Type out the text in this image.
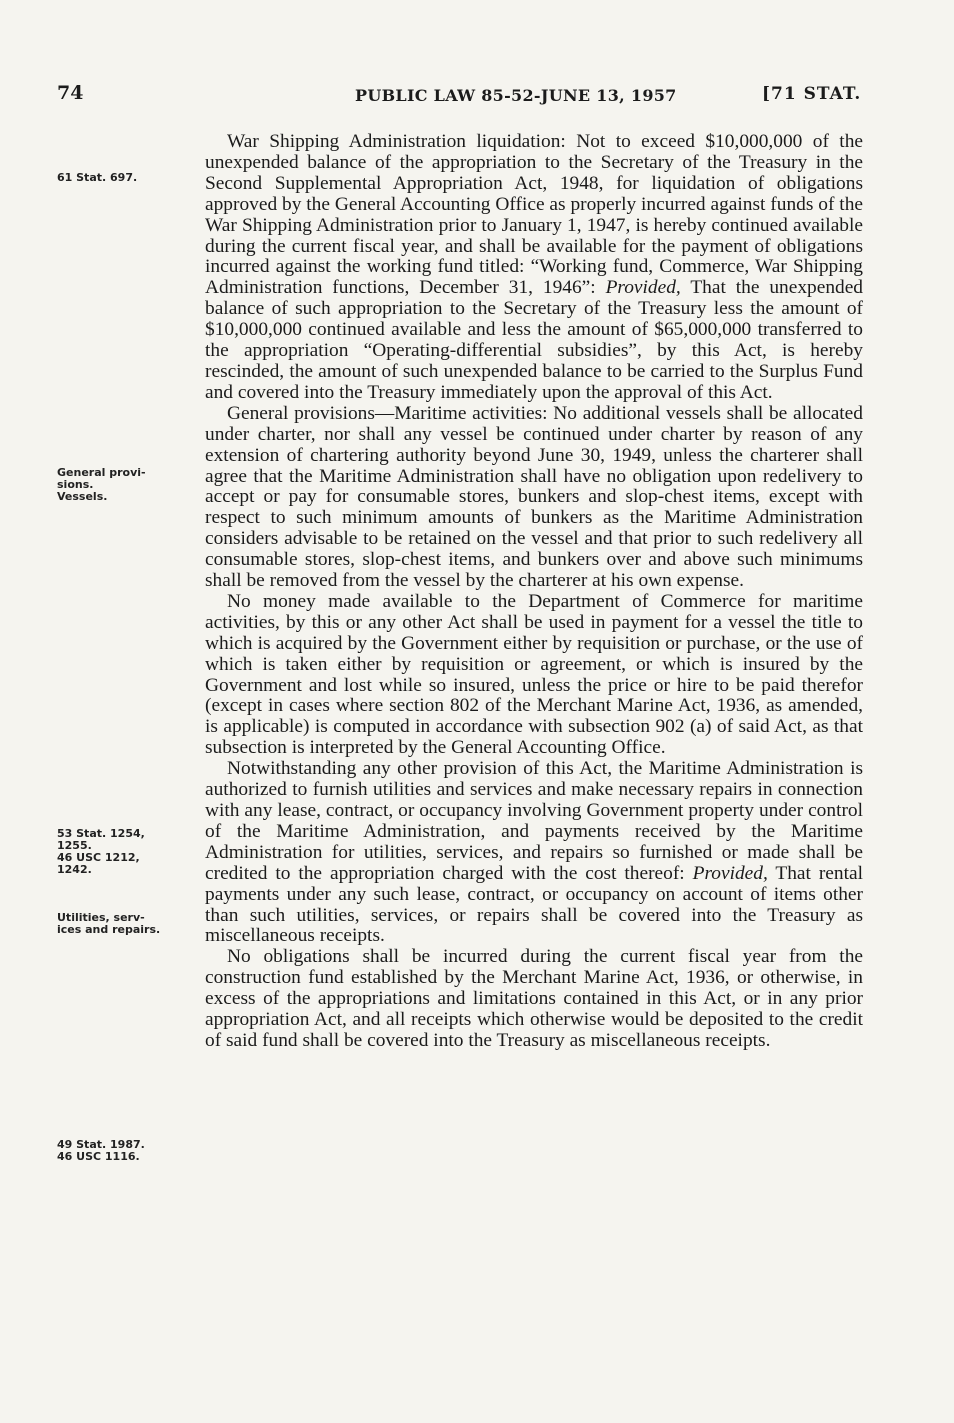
74	PUBLIC LAW 85-52-JUNE 13, 1957	[71 STAT.
61 Stat. 697.
General provi-
sions.
Vessels.
53 Stat. 1254,
1255.
46 USC 1212,
1242.
Utilities, serv-
ices and repairs.
49 Stat. 1987.
46 USC 1116.

War Shipping Administration liquidation: Not to exceed $10,000,000 of the unexpended balance of the appropriation to the Secretary of the Treasury in the Second Supplemental Appropriation Act, 1948, for liquidation of obligations approved by the General Accounting Office as properly incurred against funds of the War Shipping Administration prior to January 1, 1947, is hereby continued available during the current fiscal year, and shall be available for the payment of obligations incurred against the working fund titled: “Working fund, Commerce, War Shipping Administration functions, December 31, 1946”: Provided, That the unexpended balance of such appropriation to the Secretary of the Treasury less the amount of $10,000,000 continued available and less the amount of $65,000,000 transferred to the appropriation “Operating-differential subsidies”, by this Act, is hereby rescinded, the amount of such unexpended balance to be carried to the Surplus Fund and covered into the Treasury immediately upon the approval of this Act.

General provisions—Maritime activities: No additional vessels shall be allocated under charter, nor shall any vessel be continued under charter by reason of any extension of chartering authority beyond June 30, 1949, unless the charterer shall agree that the Maritime Administration shall have no obligation upon redelivery to accept or pay for consumable stores, bunkers and slop-chest items, except with respect to such minimum amounts of bunkers as the Maritime Administration considers advisable to be retained on the vessel and that prior to such redelivery all consumable stores, slop-chest items, and bunkers over and above such minimums shall be removed from the vessel by the charterer at his own expense.

No money made available to the Department of Commerce for maritime activities, by this or any other Act shall be used in payment for a vessel the title to which is acquired by the Government either by requisition or purchase, or the use of which is taken either by requisition or agreement, or which is insured by the Government and lost while so insured, unless the price or hire to be paid therefor (except in cases where section 802 of the Merchant Marine Act, 1936, as amended, is applicable) is computed in accordance with subsection 902 (a) of said Act, as that subsection is interpreted by the General Accounting Office.

Notwithstanding any other provision of this Act, the Maritime Administration is authorized to furnish utilities and services and make necessary repairs in connection with any lease, contract, or occupancy involving Government property under control of the Maritime Administration, and payments received by the Maritime Administration for utilities, services, and repairs so furnished or made shall be credited to the appropriation charged with the cost thereof: Provided, That rental payments under any such lease, contract, or occupancy on account of items other than such utilities, services, or repairs shall be covered into the Treasury as miscellaneous receipts.

No obligations shall be incurred during the current fiscal year from the construction fund established by the Merchant Marine Act, 1936, or otherwise, in excess of the appropriations and limitations contained in this Act, or in any prior appropriation Act, and all receipts which otherwise would be deposited to the credit of said fund shall be covered into the Treasury as miscellaneous receipts.
